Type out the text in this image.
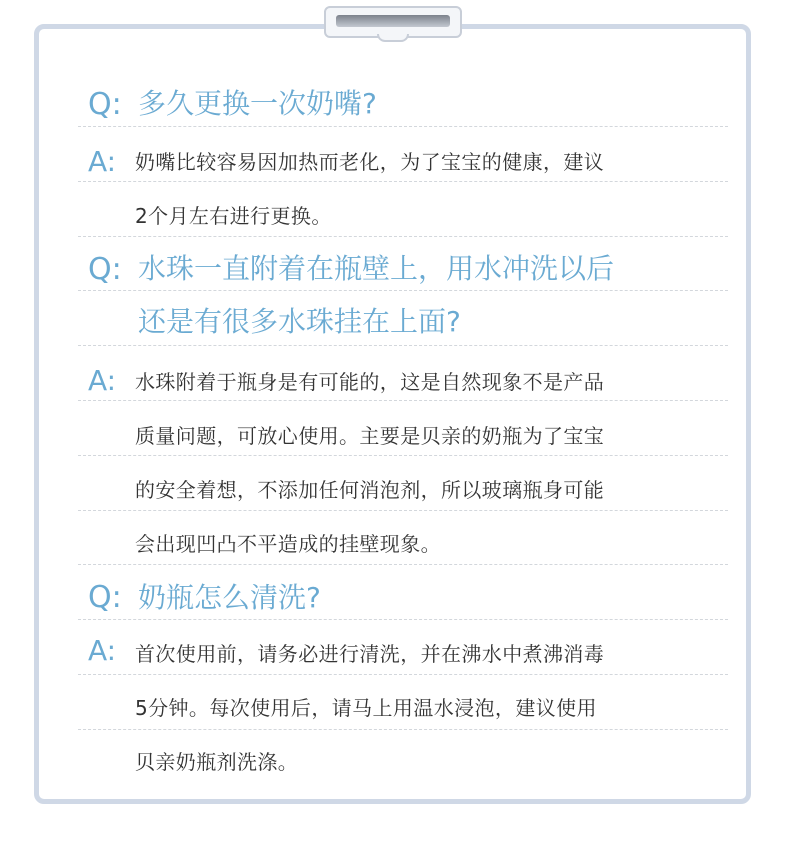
Q: 多久更换一次奶嘴?
A: 奶嘴比较容易因加热而老化，为了宝宝的健康，建议
2个月左右进行更换。
Q: 水珠一直附着在瓶壁上，用水冲洗以后
还是有很多水珠挂在上面?
A: 水珠附着于瓶身是有可能的，这是自然现象不是产品
质量问题，可放心使用。主要是贝亲的奶瓶为了宝宝
的安全着想，不添加任何消泡剂，所以玻璃瓶身可能
会出现凹凸不平造成的挂壁现象。
Q: 奶瓶怎么清洗?
A: 首次使用前，请务必进行清洗，并在沸水中煮沸消毒
5分钟。每次使用后，请马上用温水浸泡，建议使用
贝亲奶瓶剂洗涤。
